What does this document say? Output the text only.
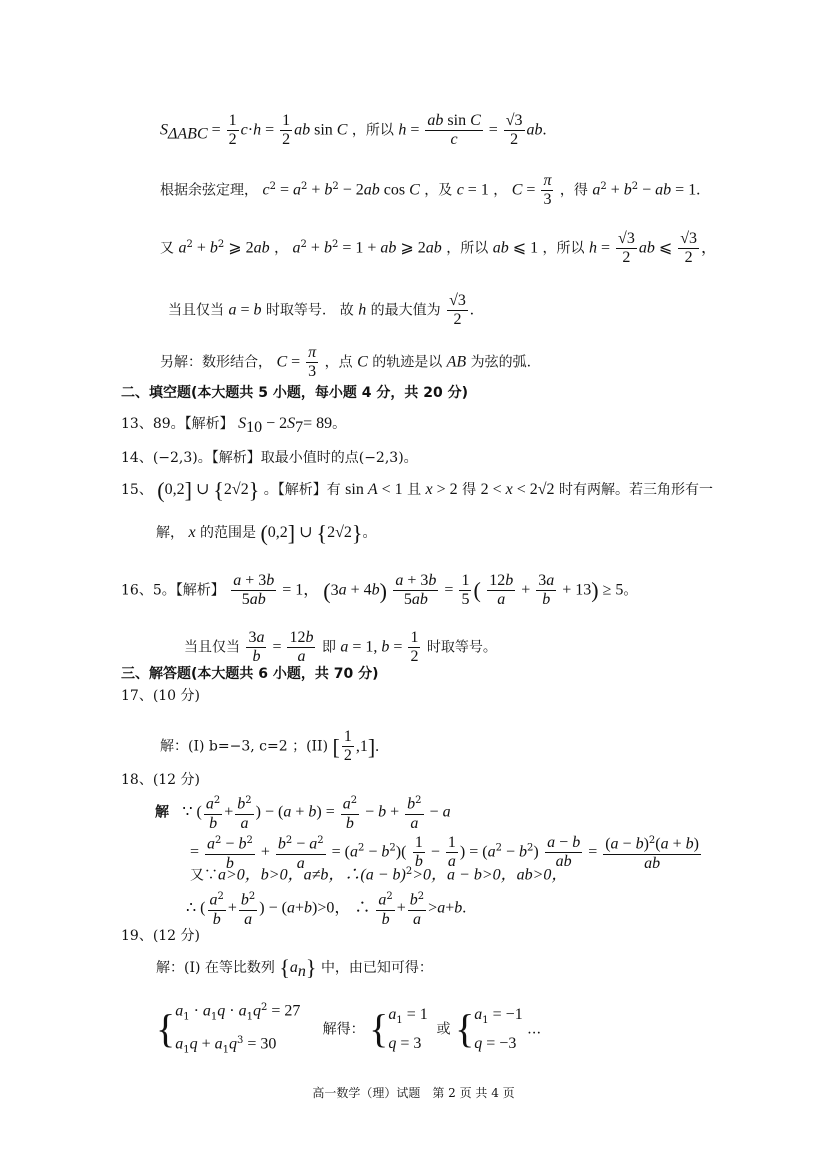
$S_{\Delta ABC} = \frac{1}{2} c\cdot h = \frac{1}{2}$ ab sin C ，所以 $h = \frac{\text{ab sin C}}{c} = \frac{√3}{2}$ ab.
根据余弦定理， $c^2 = a^2 + b^2 - 2ab$ cos C ，及 c = 1 ， $C = \frac{\pi}{3}$ ，得 $a^2 + b^2$ − ab = 1.
又 $a^2 + b^2$ ⩾ 2ab ， $a^2 + b^2 = 1$ + ab ⩾ 2ab ，所以 ab ⩽ 1 ，所以 $h = \frac{√3}{2}$ ab ⩽ $\frac{√3}{2}$ ，
当且仅当 a = b 时取等号. 故 h 的最大值为 $\frac{√3}{2}$ .
另解：数形结合， $C = \frac{\pi}{3}$ ，点 C 的轨迹是以 AB 为弦的弧.
二、填空题(本大题共 5 小题，每小题 4 分，共 20 分)
13、89。【解析】 $S_{10} - 2S_7= 89$。
14、(−2,3)。【解析】取最小值时的点(−2,3)。
15、 (0,2] ∪ {2√2} 。【解析】有 sin A < 1 且 x > 2 得 2 < x < 2√2 时有两解。若三角形有一
解， x 的范围是 (0,2] ∪ {2√2}。
16、5。【解析】 $\frac{a + 3b}{5ab} = 1$， $(3a + 4b) \frac{a + 3b}{5ab} = \frac{1}{5}$ ( $\frac{12b}{a} + \frac{3a}{b} + 13) \ge 5$。
当且仅当 $\frac{3a}{b} = \frac{12b}{a}$ 即 a = 1, $b = \frac{1}{2}$ 时取等号。
三、解答题(本大题共 6 小题，共 70 分)
17、(10 分)
解：(I) b=−3, c=2 ；(II) [ $\frac{1}{2} ,1$].
18、(12 分)
解 ∵ ( $\frac{a^2}{b} + \frac{b^2}{a}$ ) − $(a + b) = \frac{a^2}{b} - b + \frac{b^2}{a} - a$
= $\frac{a^2 - b^2}{b} + \frac{b^2 - a^2}{a} = (a^2 - b^2)( \frac{1}{b} - \frac{1}{a}$ ) = $(a^2 - b^2) \frac{a - b}{ab} = \frac{(a - b)^2(a + b)}{ab}$
又∵a>0，b>0，a≠b，∴(a − b)$^2$>0，a − b>0，ab>0，
∴ ( $\frac{a^2}{b} + \frac{b^2}{a}$ ) − (a+b)>0， ∴ $\frac{a^2}{b} + \frac{b^2}{a} >a+b$.
19、(12 分)
解：(I) 在等比数列 $\{a_n\}$ 中，由已知可得：
{ $a_1 \cdot a_1q \cdot a_1q^2 = 27$
$a_1q + a_1q^3 = 30$
解得： { $a_1 = 1$
q = 3
或 { $a_1 = -1$
q = −3
…
高一数学（理）试题　第 2 页 共 4 页
